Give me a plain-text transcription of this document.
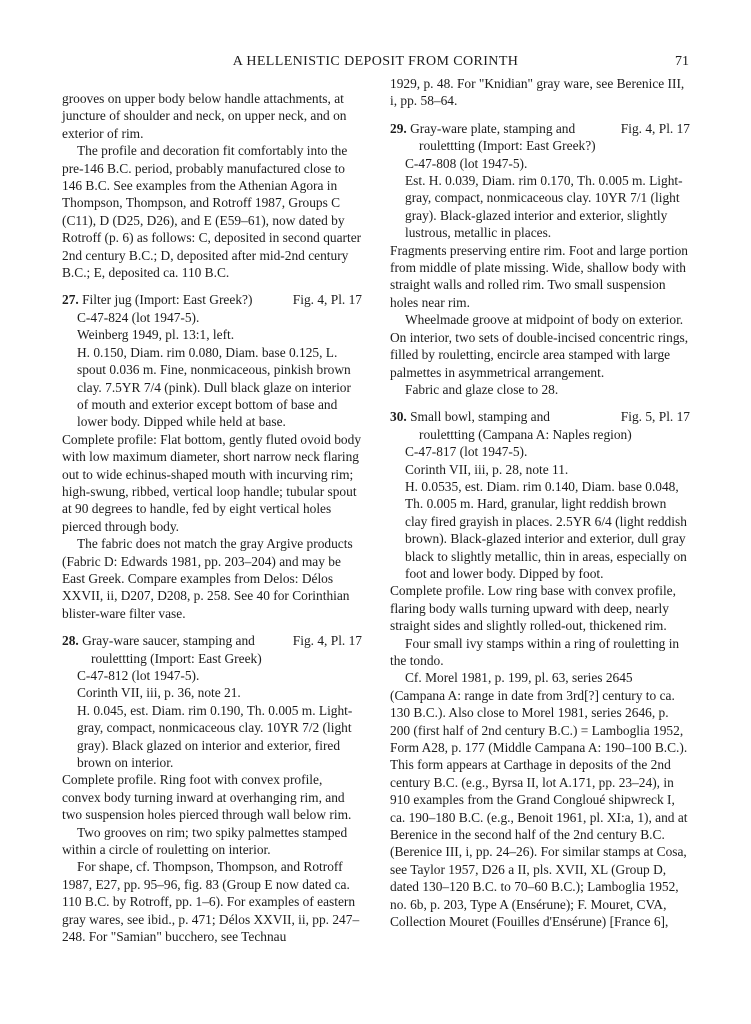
A HELLENISTIC DEPOSIT FROM CORINTH	71

grooves on upper body below handle attachments, at juncture of shoulder and neck, on upper neck, and on exterior of rim.

The profile and decoration fit comfortably into the pre-146 B.C. period, probably manufactured close to 146 B.C. See examples from the Athenian Agora in Thompson, Thompson, and Rotroff 1987, Groups C (C11), D (D25, D26), and E (E59–61), now dated by Rotroff (p. 6) as follows: C, deposited in second quarter 2nd century B.C.; D, deposited after mid-2nd century B.C.; E, deposited ca. 110 B.C.

27. Filter jug (Import: East Greek?)	Fig. 4, Pl. 17

C-47-824 (lot 1947-5).

Weinberg 1949, pl. 13:1, left.

H. 0.150, Diam. rim 0.080, Diam. base 0.125, L. spout 0.036 m. Fine, nonmicaceous, pinkish brown clay. 7.5YR 7/4 (pink). Dull black glaze on interior of mouth and exterior except bottom of base and lower body. Dipped while held at base.

Complete profile: Flat bottom, gently fluted ovoid body with low maximum diameter, short narrow neck flaring out to wide echinus-shaped mouth with incurving rim; high-swung, ribbed, vertical loop handle; tubular spout at 90 degrees to handle, fed by eight vertical holes pierced through body.

The fabric does not match the gray Argive products (Fabric D: Edwards 1981, pp. 203–204) and may be East Greek. Compare examples from Delos: Délos XXVII, ii, D207, D208, p. 258. See 40 for Corinthian blister-ware filter vase.

28. Gray-ware saucer, stamping and	Fig. 4, Pl. 17
roulettting (Import: East Greek)

C-47-812 (lot 1947-5).

Corinth VII, iii, p. 36, note 21.

H. 0.045, est. Diam. rim 0.190, Th. 0.005 m. Light-gray, compact, nonmicaceous clay. 10YR 7/2 (light gray). Black glazed on interior and exterior, fired brown on interior.

Complete profile. Ring foot with convex profile, convex body turning inward at overhanging rim, and two suspension holes pierced through wall below rim.

Two grooves on rim; two spiky palmettes stamped within a circle of rouletting on interior.

For shape, cf. Thompson, Thompson, and Rotroff 1987, E27, pp. 95–96, fig. 83 (Group E now dated ca. 110 B.C. by Rotroff, pp. 1–6). For examples of eastern gray wares, see ibid., p. 471; Délos XXVII, ii, pp. 247–248. For "Samian" bucchero, see Technau

1929, p. 48. For "Knidian" gray ware, see Berenice III, i, pp. 58–64.

29. Gray-ware plate, stamping and	Fig. 4, Pl. 17
roulettting (Import: East Greek?)

C-47-808 (lot 1947-5).

Est. H. 0.039, Diam. rim 0.170, Th. 0.005 m. Light-gray, compact, nonmicaceous clay. 10YR 7/1 (light gray). Black-glazed interior and exterior, slightly lustrous, metallic in places.

Fragments preserving entire rim. Foot and large portion from middle of plate missing. Wide, shallow body with straight walls and rolled rim. Two small suspension holes near rim.

Wheelmade groove at midpoint of body on exterior. On interior, two sets of double-incised concentric rings, filled by rouletting, encircle area stamped with large palmettes in asymmetrical arrangement.

Fabric and glaze close to 28.

30. Small bowl, stamping and	Fig. 5, Pl. 17
roulettting (Campana A: Naples region)

C-47-817 (lot 1947-5).

Corinth VII, iii, p. 28, note 11.

H. 0.0535, est. Diam. rim 0.140, Diam. base 0.048, Th. 0.005 m. Hard, granular, light reddish brown clay fired grayish in places. 2.5YR 6/4 (light reddish brown). Black-glazed interior and exterior, dull gray black to slightly metallic, thin in areas, especially on foot and lower body. Dipped by foot.

Complete profile. Low ring base with convex profile, flaring body walls turning upward with deep, nearly straight sides and slightly rolled-out, thickened rim.

Four small ivy stamps within a ring of rouletting in the tondo.

Cf. Morel 1981, p. 199, pl. 63, series 2645 (Campana A: range in date from 3rd[?] century to ca. 130 B.C.). Also close to Morel 1981, series 2646, p. 200 (first half of 2nd century B.C.) = Lamboglia 1952, Form A28, p. 177 (Middle Campana A: 190–100 B.C.). This form appears at Carthage in deposits of the 2nd century B.C. (e.g., Byrsa II, lot A.171, pp. 23–24), in 910 examples from the Grand Congloué shipwreck I, ca. 190–180 B.C. (e.g., Benoit 1961, pl. XI:a, 1), and at Berenice in the second half of the 2nd century B.C. (Berenice III, i, pp. 24–26). For similar stamps at Cosa, see Taylor 1957, D26 a II, pls. XVII, XL (Group D, dated 130–120 B.C. to 70–60 B.C.); Lamboglia 1952, no. 6b, p. 203, Type A (Ensérune); F. Mouret, CVA, Collection Mouret (Fouilles d'Ensérune) [France 6],
